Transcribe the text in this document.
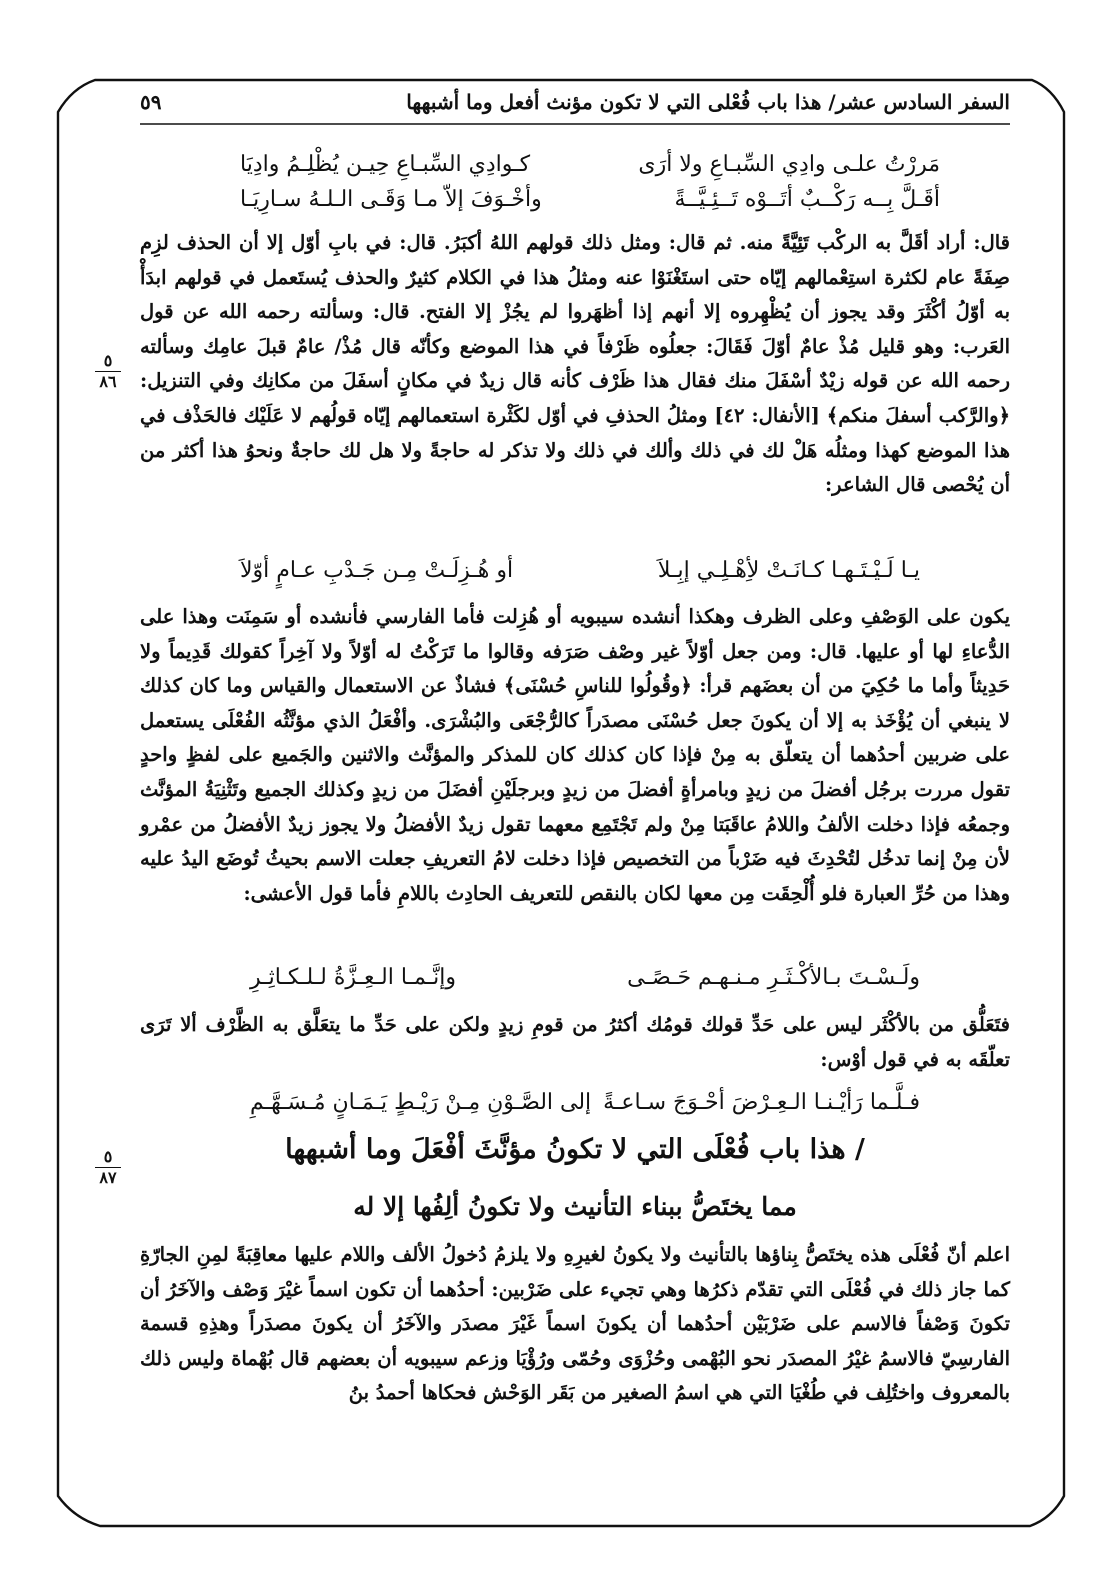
السفر السادس عشر/ هذا باب فُعْلى التي لا تكون مؤنث أفعل وما أشبهها
٥٩
مَررْتُ علـى وادِي السِّبـاعِ ولا أرَى
كـوادِي السِّبـاعِ حِيـن يُظْلِـمُ وادِيَا
أقَـلَّ بِــه رَكْــبٌ أتَــوْه تَــئِـيَّــةً
وأخْـوَفَ إلاّ مـا وَقَـى الـلـهُ سـارِيَـا
قال: أراد أقَلَّ به الركْب تَئِيَّةً منه. ثم قال: ومثل ذلك قولهم اللهُ أكبَرُ. قال: في بابِ أوّل إلا أن الحذف لزِم صِفَةً عام لكثرة استِعْمالهم إيّاه حتى استَغْنَوْا عنه ومثلُ هذا في الكلام كثيرٌ والحذف يُستَعمل في قولهم ابدَأْ به أوّلُ أكْثَرَ وقد يجوز أن يُظْهِروه إلا أنهم إذا أظهَروا لم يجُزْ إلا الفتح. قال: وسألته رحمه الله عن قول العَرب: وهو قليل مُذْ عامٌ أوّلَ فَقَالَ: جعلُوه ظَرْفاً في هذا الموضع وكأنّه قال مُذْ/ عامٌ قبلَ عامِك وسألته رحمه الله عن قوله زيْدٌ أسْفَلَ منك فقال هذا ظَرْف كأنه قال زيدٌ في مكانٍ أسفَلَ من مكانِك وفي التنزيل: ﴿والرَّكب أسفلَ منكم﴾ [الأنفال: ٤٢] ومثلُ الحذفِ في أوّل لكَثْرة استعمالهم إيّاه قولُهم لا عَلَيْك فالحَذْف في هذا الموضع كهذا ومثلُه هَلْ لك في ذلك وألك في ذلك ولا تذكر له حاجةً ولا هل لك حاجةٌ ونحوُ هذا أكثر من أن يُحْصى قال الشاعر:
٥
٨٦
يـا لَـيْـتَـهـا كـانَـتْ لأِهْـلِـي إبِـلاَ
أو هُـزِلَـتْ مِـن جَـدْبِ عـامٍ أوّلاَ
يكون على الوَصْفِ وعلى الظرف وهكذا أنشده سيبويه أو هُزِلت فأما الفارسي فأنشده أو سَمِنَت وهذا على الدُّعاءِ لها أو عليها. قال: ومن جعل أوّلاً غير وصْف صَرَفه وقالوا ما تَرَكْتُ له أوّلاً ولا آخِراً كقولك قَدِيماً ولا حَدِيثاً وأما ما حُكِيَ من أن بعضَهم قرأ: ﴿وقُولُوا للناسِ حُسْنَى﴾ فشاذٌ عن الاستعمال والقياس وما كان كذلك لا ينبغي أن يُؤْخَذ به إلا أن يكونَ جعل حُسْنَى مصدَراً كالرُّجْعَى والبُشْرَى. وأفْعَلُ الذي مؤنَّثُه الفُعْلَى يستعمل على ضربين أحدُهما أن يتعلّق به مِنْ فإذا كان كذلك كان للمذكر والمؤنَّث والاثنين والجَميع على لفظٍ واحدٍ تقول مررت برجُل أفضلَ من زيدٍ وبامرأةٍ أفضلَ من زيدٍ وبرجلَيْنِ أفضَلَ من زيدٍ وكذلك الجميع وتَثْنِيَةُ المؤنَّث وجمعُه فإذا دخلت الألفُ واللامُ عاقَبَتا مِنْ ولم تَجْتَمِع معهما تقول زيدٌ الأفضلُ ولا يجوز زيدٌ الأفضلُ من عمْرو لأن مِنْ إنما تدخُل لتُحْدِثَ فيه ضَرْباً من التخصيص فإذا دخلت لامُ التعريفِ جعلت الاسم بحيثُ تُوضَع اليدُ عليه وهذا من حُرِّ العبارة فلو أُلْحِقَت مِن معها لكان بالنقص للتعريف الحادِث باللامِ فأما قول الأعشى:
ولَـسْـتَ بـالأكْـثَـرِ مـنـهـم حَـصًـى
وإنَّـمـا الـعِـزَّةُ لـلـكـاثِـرِ
فتَعَلُّق من بالأكْثَر ليس على حَدِّ قولك قومُك أكثرُ من قومِ زيدٍ ولكن على حَدِّ ما يتعَلَّق به الظَّرْف ألا تَرَى تعلّقَه به في قول أوْس:
فـلَّـما رَأيْـنـا الـعِـرْضَ أحْـوَجَ سـاعـةً
إلى الصَّـوْنِ مِـنْ رَيْـطٍ يَـمَـانٍ مُـسَـهَّـمِ
/ هذا باب فُعْلَى التي لا تكونُ مؤنَّثَ أفْعَلَ وما أشبهها
٥
٨٧
مما يختَصُّ ببناء التأنيث ولا تكونُ ألِفُها إلا له
اعلم أنّ فُعْلَى هذه يختَصُّ بِناؤها بالتأنيث ولا يكونُ لغيرِهِ ولا يلزمُ دُخولُ الألف واللام عليها معاقِبَةً لمِنِ الجارّةِ كما جاز ذلك في فُعْلَى التي تقدّم ذكرُها وهي تجيء على ضَرْبين: أحدُهما أن تكون اسماً غيْرَ وَصْف والآخَرُ أن تكونَ وَصْفاً فالاسم على ضَرْبَيْن أحدُهما أن يكونَ اسماً غَيْرَ مصدَر والآخَرُ أن يكونَ مصدَراً وهذِهِ قسمة الفارسِيّ فالاسمُ غيْرُ المصدَر نحو البُهْمى وحُزْوَى وحُمّى ورُؤْيَا وزعم سيبويه أن بعضهم قال بُهْماة وليس ذلك بالمعروف واختُلِف في طُغْيَا التي هي اسمُ الصغير من بَقَر الوَحْش فحكاها أحمدُ بنُ
